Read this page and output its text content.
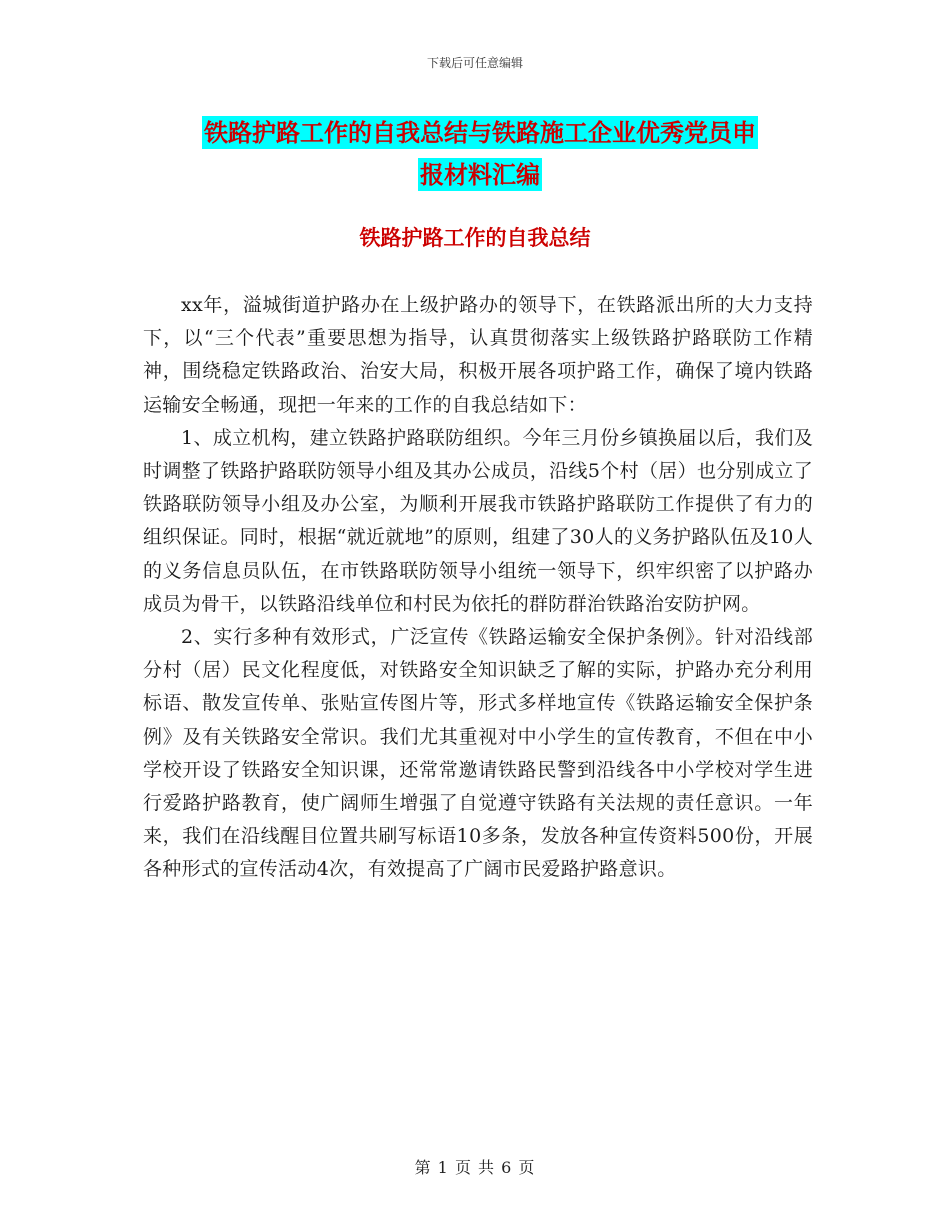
下载后可任意编辑
铁路护路工作的自我总结与铁路施工企业优秀党员申
报材料汇编
铁路护路工作的自我总结

xx年，溢城街道护路办在上级护路办的领导下，在铁路派出所的大力支持下，以“三个代表”重要思想为指导，认真贯彻落实上级铁路护路联防工作精神，围绕稳定铁路政治、治安大局，积极开展各项护路工作，确保了境内铁路运输安全畅通，现把一年来的工作的自我总结如下：

1、成立机构，建立铁路护路联防组织。今年三月份乡镇换届以后，我们及时调整了铁路护路联防领导小组及其办公成员，沿线5个村（居）也分别成立了铁路联防领导小组及办公室，为顺利开展我市铁路护路联防工作提供了有力的组织保证。同时，根据“就近就地”的原则，组建了30人的义务护路队伍及10人的义务信息员队伍，在市铁路联防领导小组统一领导下，织牢织密了以护路办成员为骨干，以铁路沿线单位和村民为依托的群防群治铁路治安防护网。

2、实行多种有效形式，广泛宣传《铁路运输安全保护条例》。针对沿线部分村（居）民文化程度低，对铁路安全知识缺乏了解的实际，护路办充分利用标语、散发宣传单、张贴宣传图片等，形式多样地宣传《铁路运输安全保护条例》及有关铁路安全常识。我们尤其重视对中小学生的宣传教育，不但在中小学校开设了铁路安全知识课，还常常邀请铁路民警到沿线各中小学校对学生进行爱路护路教育，使广阔师生增强了自觉遵守铁路有关法规的责任意识。一年来，我们在沿线醒目位置共刷写标语10多条，发放各种宣传资料500份，开展各种形式的宣传活动4次，有效提高了广阔市民爱路护路意识。

第 1 页 共 6 页
